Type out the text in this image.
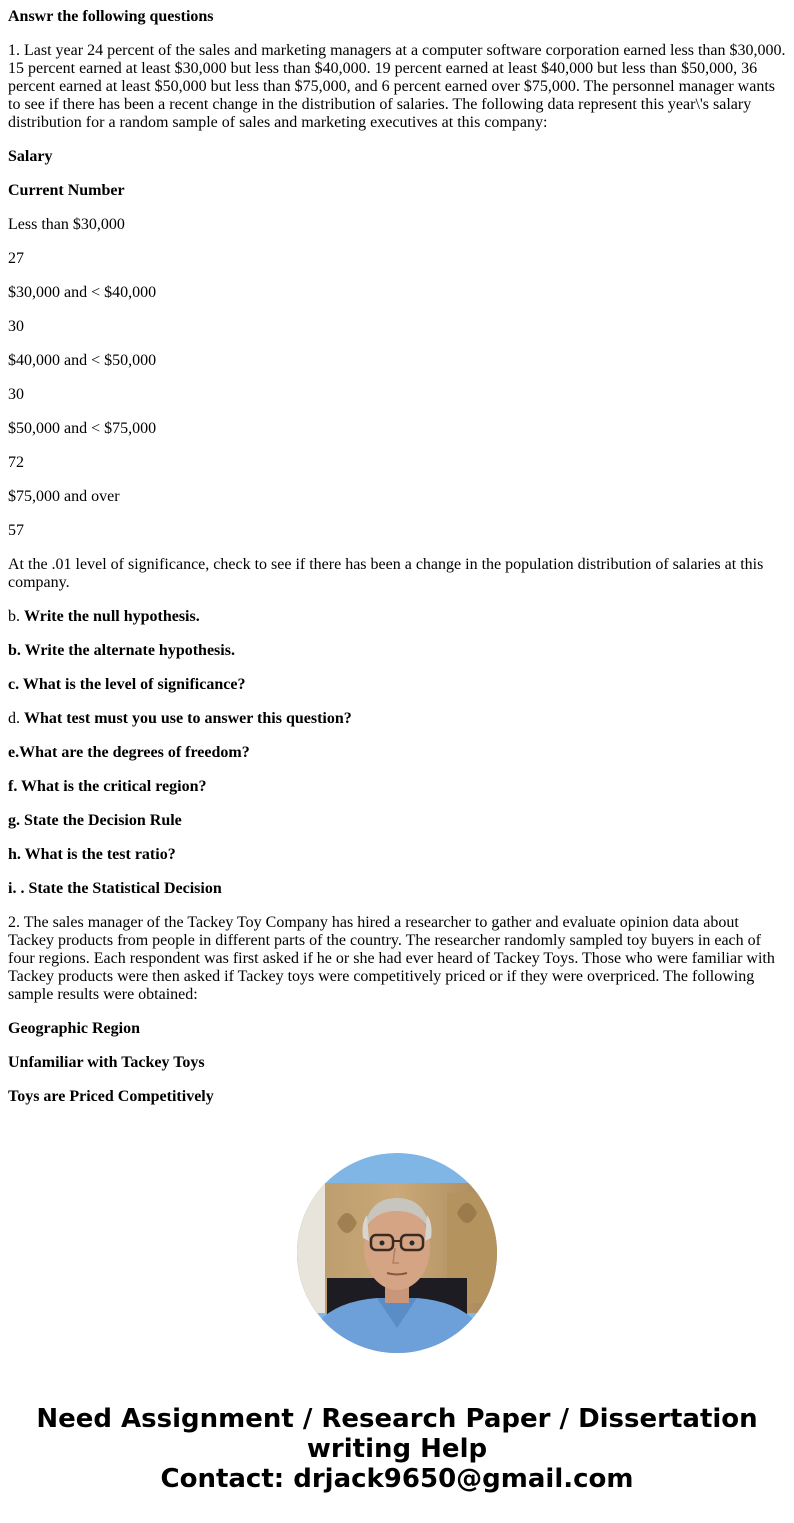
Answr the following questions
1. Last year 24 percent of the sales and marketing managers at a computer software corporation earned less than $30,000.
15 percent earned at least $30,000 but less than $40,000. 19 percent earned at least $40,000 but less than $50,000, 36
percent earned at least $50,000 but less than $75,000, and 6 percent earned over $75,000. The personnel manager wants
to see if there has been a recent change in the distribution of salaries. The following data represent this year\'s salary
distribution for a random sample of sales and marketing executives at this company:
Salary
Current Number
Less than $30,000
27
$30,000 and < $40,000
30
$40,000 and < $50,000
30
$50,000 and < $75,000
72
$75,000 and over
57
At the .01 level of significance, check to see if there has been a change in the population distribution of salaries at this
company.
b. Write the null hypothesis.
b. Write the alternate hypothesis.
c. What is the level of significance?
d. What test must you use to answer this question?
e.What are the degrees of freedom?
f. What is the critical region?
g. State the Decision Rule
h. What is the test ratio?
i. . State the Statistical Decision
2. The sales manager of the Tackey Toy Company has hired a researcher to gather and evaluate opinion data about
Tackey products from people in different parts of the country. The researcher randomly sampled toy buyers in each of
four regions. Each respondent was first asked if he or she had ever heard of Tackey Toys. Those who were familiar with
Tackey products were then asked if Tackey toys were competitively priced or if they were overpriced. The following
sample results were obtained:
Geographic Region
Unfamiliar with Tackey Toys
Toys are Priced Competitively
Need Assignment / Research Paper / Dissertation
writing Help
Contact: drjack9650@gmail.com
